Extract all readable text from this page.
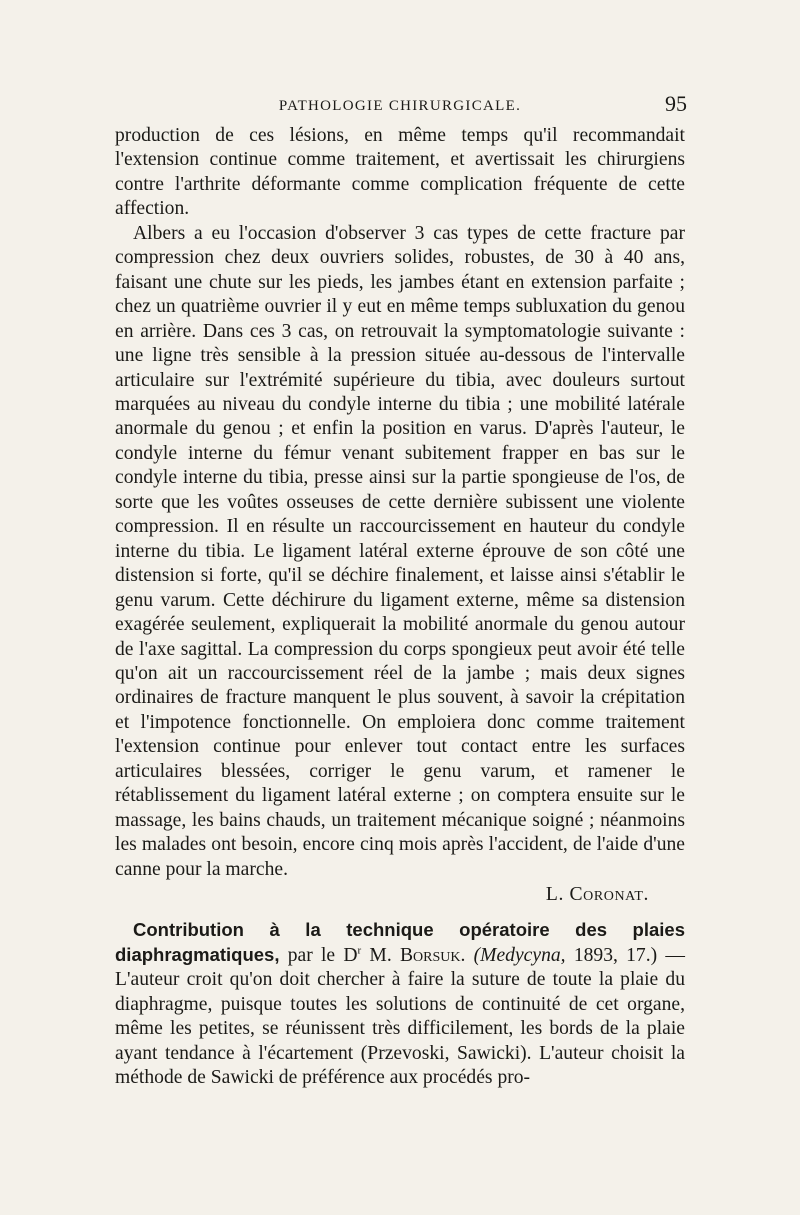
PATHOLOGIE CHIRURGICALE.	95

production de ces lésions, en même temps qu'il recommandait l'extension continue comme traitement, et avertissait les chirurgiens contre l'arthrite déformante comme complication fréquente de cette affection.

Albers a eu l'occasion d'observer 3 cas types de cette fracture par compression chez deux ouvriers solides, robustes, de 30 à 40 ans, faisant une chute sur les pieds, les jambes étant en extension parfaite ; chez un quatrième ouvrier il y eut en même temps subluxation du genou en arrière. Dans ces 3 cas, on retrouvait la symptomatologie suivante : une ligne très sensible à la pression située au-dessous de l'intervalle articulaire sur l'extrémité supérieure du tibia, avec douleurs surtout marquées au niveau du condyle interne du tibia ; une mobilité latérale anormale du genou ; et enfin la position en varus. D'après l'auteur, le condyle interne du fémur venant subitement frapper en bas sur le condyle interne du tibia, presse ainsi sur la partie spongieuse de l'os, de sorte que les voûtes osseuses de cette dernière subissent une violente compression. Il en résulte un raccourcissement en hauteur du condyle interne du tibia. Le ligament latéral externe éprouve de son côté une distension si forte, qu'il se déchire finalement, et laisse ainsi s'établir le genu varum. Cette déchirure du ligament externe, même sa distension exagérée seulement, expliquerait la mobilité anormale du genou autour de l'axe sagittal. La compression du corps spongieux peut avoir été telle qu'on ait un raccourcissement réel de la jambe ; mais deux signes ordinaires de fracture manquent le plus souvent, à savoir la crépitation et l'impotence fonctionnelle. On emploiera donc comme traitement l'extension continue pour enlever tout contact entre les surfaces articulaires blessées, corriger le genu varum, et ramener le rétablissement du ligament latéral externe ; on comptera ensuite sur le massage, les bains chauds, un traitement mécanique soigné ; néanmoins les malades ont besoin, encore cinq mois après l'accident, de l'aide d'une canne pour la marche.

L. Coronat.

Contribution à la technique opératoire des plaies diaphragmatiques, par le $D^r$ M. Borsuk. (Medycyna, 1893, 17.) — L'auteur croit qu'on doit chercher à faire la suture de toute la plaie du diaphragme, puisque toutes les solutions de continuité de cet organe, même les petites, se réunissent très difficilement, les bords de la plaie ayant tendance à l'écartement (Przevoski, Sawicki). L'auteur choisit la méthode de Sawicki de préférence aux procédés pro-
